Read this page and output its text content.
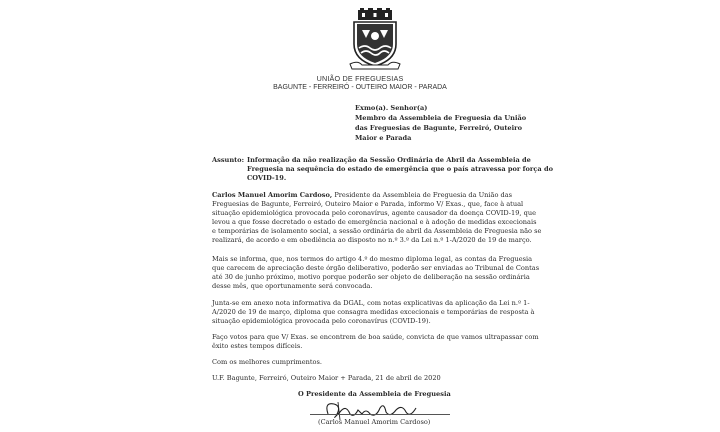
UNIÃO DE FREGUESIAS
BAGUNTE - FERREIRÓ - OUTEIRO MAIOR - PARADA
Exmo(a). Senhor(a)
Membro da Assembleia de Freguesia da União
das Freguesias de Bagunte, Ferreiró, Outeiro
Maior e Parada
Assunto: Informação da não realização da Sessão Ordinária de Abril da Assembleia de
Freguesia na sequência do estado de emergência que o país atravessa por força do
COVID-19.
Carlos Manuel Amorim Cardoso, Presidente da Assembleia de Freguesia da União das
Freguesias de Bagunte, Ferreiró, Outeiro Maior e Parada, informo V/ Exas., que, face à atual
situação epidemiológica provocada pelo coronavírus, agente causador da doença COVID-19, que
levou a que fosse decretado o estado de emergência nacional e à adoção de medidas excecionais
e temporárias de isolamento social, a sessão ordinária de abril da Assembleia de Freguesia não se
realizará, de acordo e em obediência ao disposto no n.º 3.º da Lei n.º 1-A/2020 de 19 de março.
Mais se informa, que, nos termos do artigo 4.º do mesmo diploma legal, as contas da Freguesia
que carecem de apreciação deste órgão deliberativo, poderão ser enviadas ao Tribunal de Contas
até 30 de junho próximo, motivo porque poderão ser objeto de deliberação na sessão ordinária
desse mês, que oportunamente será convocada.
Junta-se em anexo nota informativa da DGAL, com notas explicativas da aplicação da Lei n.º 1-
A/2020 de 19 de março, diploma que consagra medidas excecionais e temporárias de resposta à
situação epidemiológica provocada pelo coronavírus (COVID-19).
Faço votos para que V/ Exas. se encontrem de boa saúde, convicta de que vamos ultrapassar com
êxito estes tempos difíceis.
Com os melhores cumprimentos.
U.F. Bagunte, Ferreiró, Outeiro Maior + Parada, 21 de abril de 2020
O Presidente da Assembleia de Freguesia
(Carlos Manuel Amorim Cardoso)
